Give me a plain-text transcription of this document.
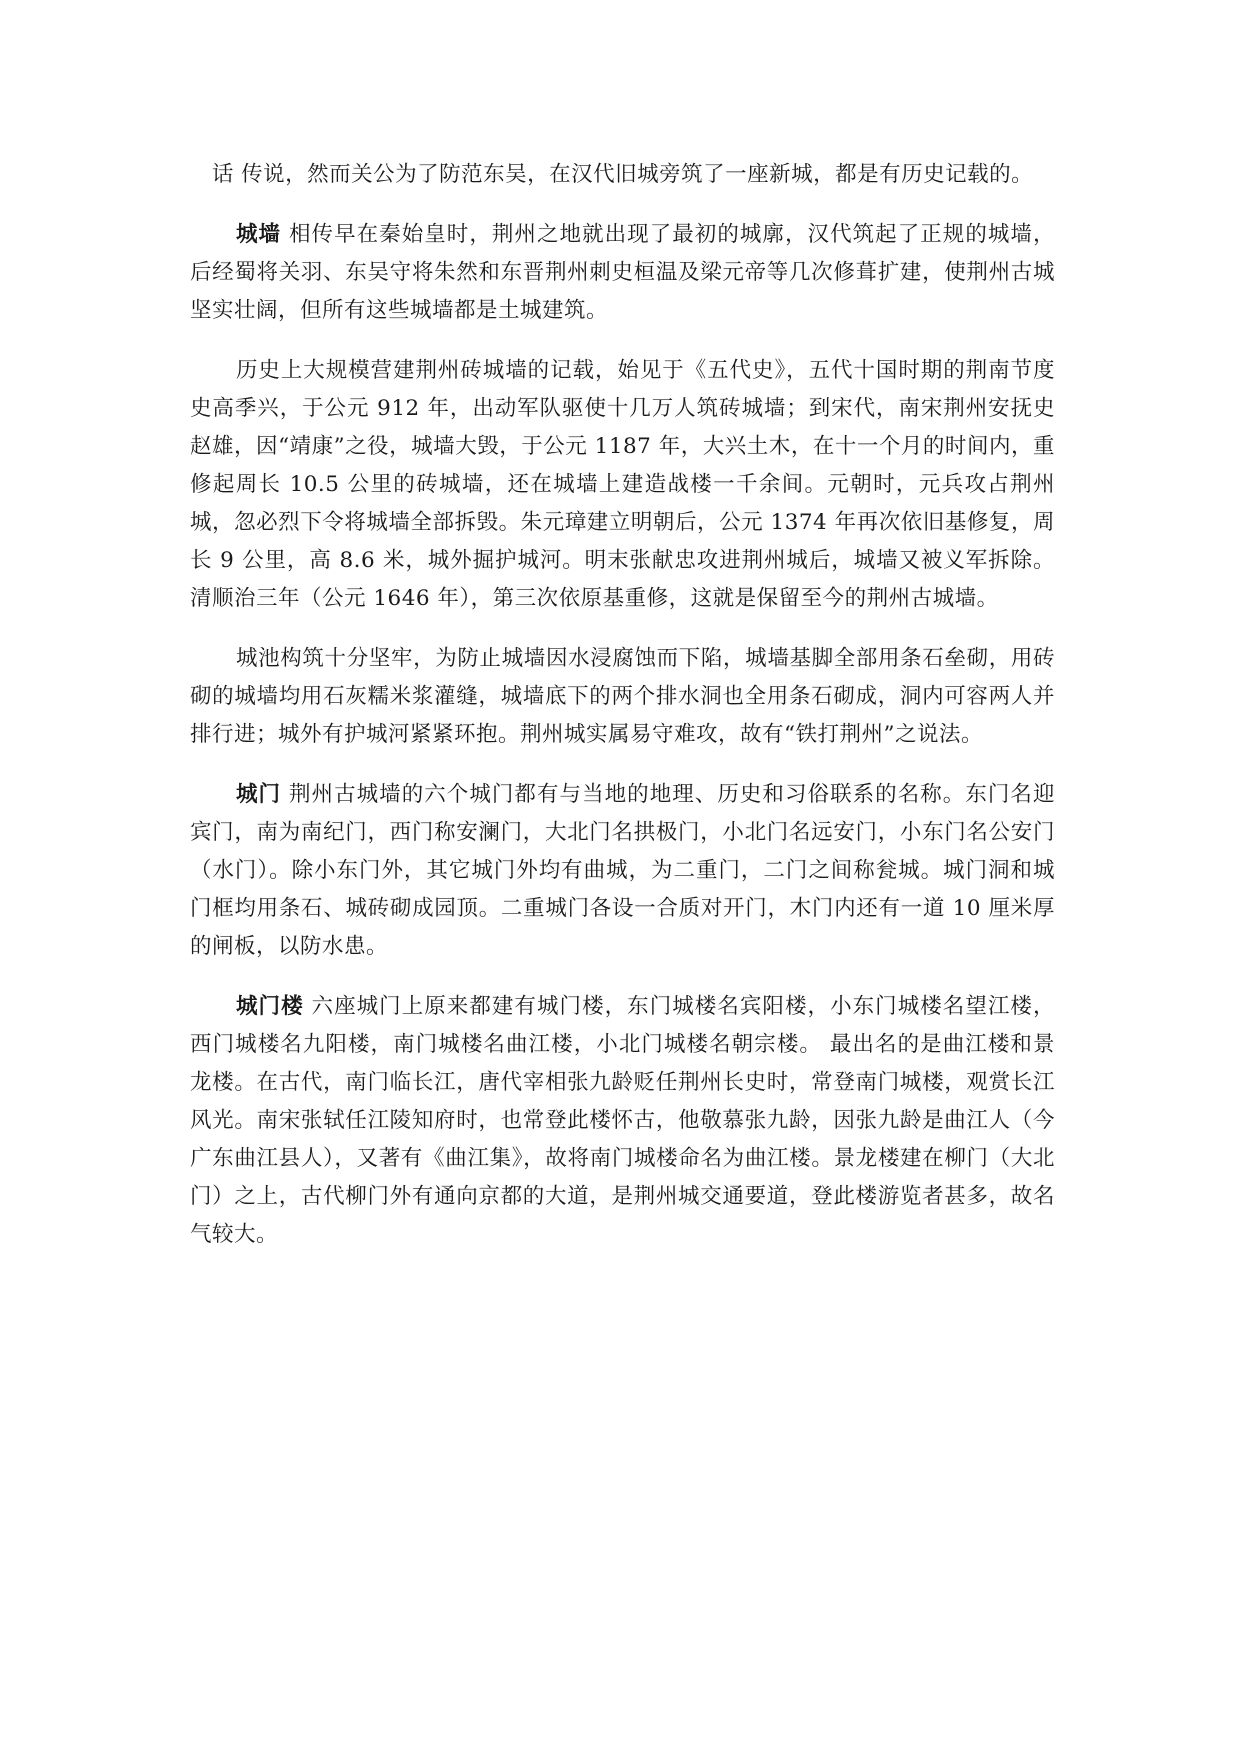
话 传说，然而关公为了防范东吴，在汉代旧城旁筑了一座新城，都是有历史记载的。

城墙 相传早在秦始皇时，荆州之地就出现了最初的城廓，汉代筑起了正规的城墙，后经蜀将关羽、东吴守将朱然和东晋荆州刺史桓温及梁元帝等几次修葺扩建，使荆州古城坚实壮阔，但所有这些城墙都是土城建筑。

历史上大规模营建荆州砖城墙的记载，始见于《五代史》，五代十国时期的荆南节度史高季兴，于公元 912 年，出动军队驱使十几万人筑砖城墙；到宋代，南宋荆州安抚史赵雄，因“靖康”之役，城墙大毁，于公元 1187 年，大兴土木，在十一个月的时间内，重修起周长 10.5 公里的砖城墙，还在城墙上建造战楼一千余间。元朝时，元兵攻占荆州城，忽必烈下令将城墙全部拆毁。朱元璋建立明朝后，公元 1374 年再次依旧基修复，周长 9 公里，高 8.6 米，城外掘护城河。明末张献忠攻进荆州城后，城墙又被义军拆除。清顺治三年（公元 1646 年），第三次依原基重修，这就是保留至今的荆州古城墙。

城池构筑十分坚牢，为防止城墙因水浸腐蚀而下陷，城墙基脚全部用条石垒砌，用砖砌的城墙均用石灰糯米浆灌缝，城墙底下的两个排水洞也全用条石砌成，洞内可容两人并排行进；城外有护城河紧紧环抱。荆州城实属易守难攻，故有“铁打荆州”之说法。

城门 荆州古城墙的六个城门都有与当地的地理、历史和习俗联系的名称。东门名迎宾门，南为南纪门，西门称安澜门，大北门名拱极门，小北门名远安门，小东门名公安门（水门）。除小东门外，其它城门外均有曲城，为二重门，二门之间称瓮城。城门洞和城门框均用条石、城砖砌成园顶。二重城门各设一合质对开门，木门内还有一道 10 厘米厚的闸板，以防水患。

城门楼 六座城门上原来都建有城门楼，东门城楼名宾阳楼，小东门城楼名望江楼，西门城楼名九阳楼，南门城楼名曲江楼，小北门城楼名朝宗楼。 最出名的是曲江楼和景龙楼。在古代，南门临长江，唐代宰相张九龄贬任荆州长史时，常登南门城楼，观赏长江风光。南宋张轼任江陵知府时，也常登此楼怀古，他敬慕张九龄，因张九龄是曲江人（今广东曲江县人），又著有《曲江集》，故将南门城楼命名为曲江楼。景龙楼建在柳门（大北门）之上，古代柳门外有通向京都的大道，是荆州城交通要道，登此楼游览者甚多，故名气较大。
